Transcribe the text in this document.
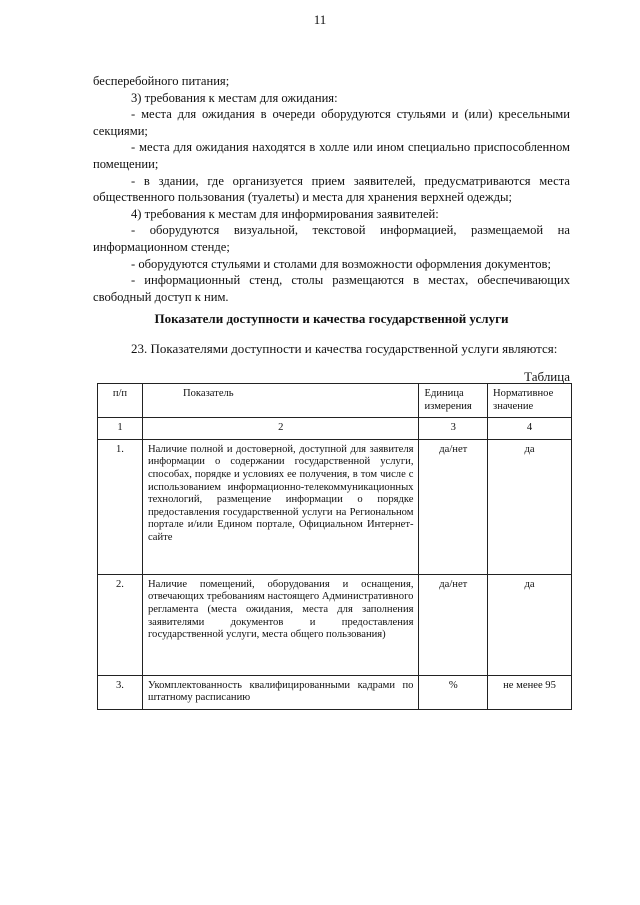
11

бесперебойного питания;

3) требования к местам для ожидания:

- места для ожидания в очереди оборудуются стульями и (или) кресельными секциями;

- места для ожидания находятся в холле или ином специально приспособленном помещении;

- в здании, где организуется прием заявителей, предусматриваются места общественного пользования (туалеты) и места для хранения верхней одежды;

4) требования к местам для информирования заявителей:

- оборудуются визуальной, текстовой информацией, размещаемой на информационном стенде;

- оборудуются стульями и столами для возможности оформления документов;

- информационный стенд, столы размещаются в местах, обеспечивающих свободный доступ к ним.

Показатели доступности и качества государственной услуги

23. Показателями доступности и качества государственной услуги являются:

Таблица
п/п	Показатель	Единица измерения	Нормативное значение
1	2	3	4
1.	Наличие полной и достоверной, доступной для заявителя информации о содержании государственной услуги, способах, порядке и условиях ее получения, в том числе с использованием информационно-телекоммуникационных технологий, размещение информации о порядке предоставления государственной услуги на Региональном портале и/или Едином портале, Официальном Интернет-сайте	да/нет	да
2.	Наличие помещений, оборудования и оснащения, отвечающих требованиям настоящего Административного регламента (места ожидания, места для заполнения заявителями документов и предоставления государственной услуги, места общего пользования)	да/нет	да
3.	Укомплектованность квалифицированными кадрами по штатному расписанию	%	не менее 95
